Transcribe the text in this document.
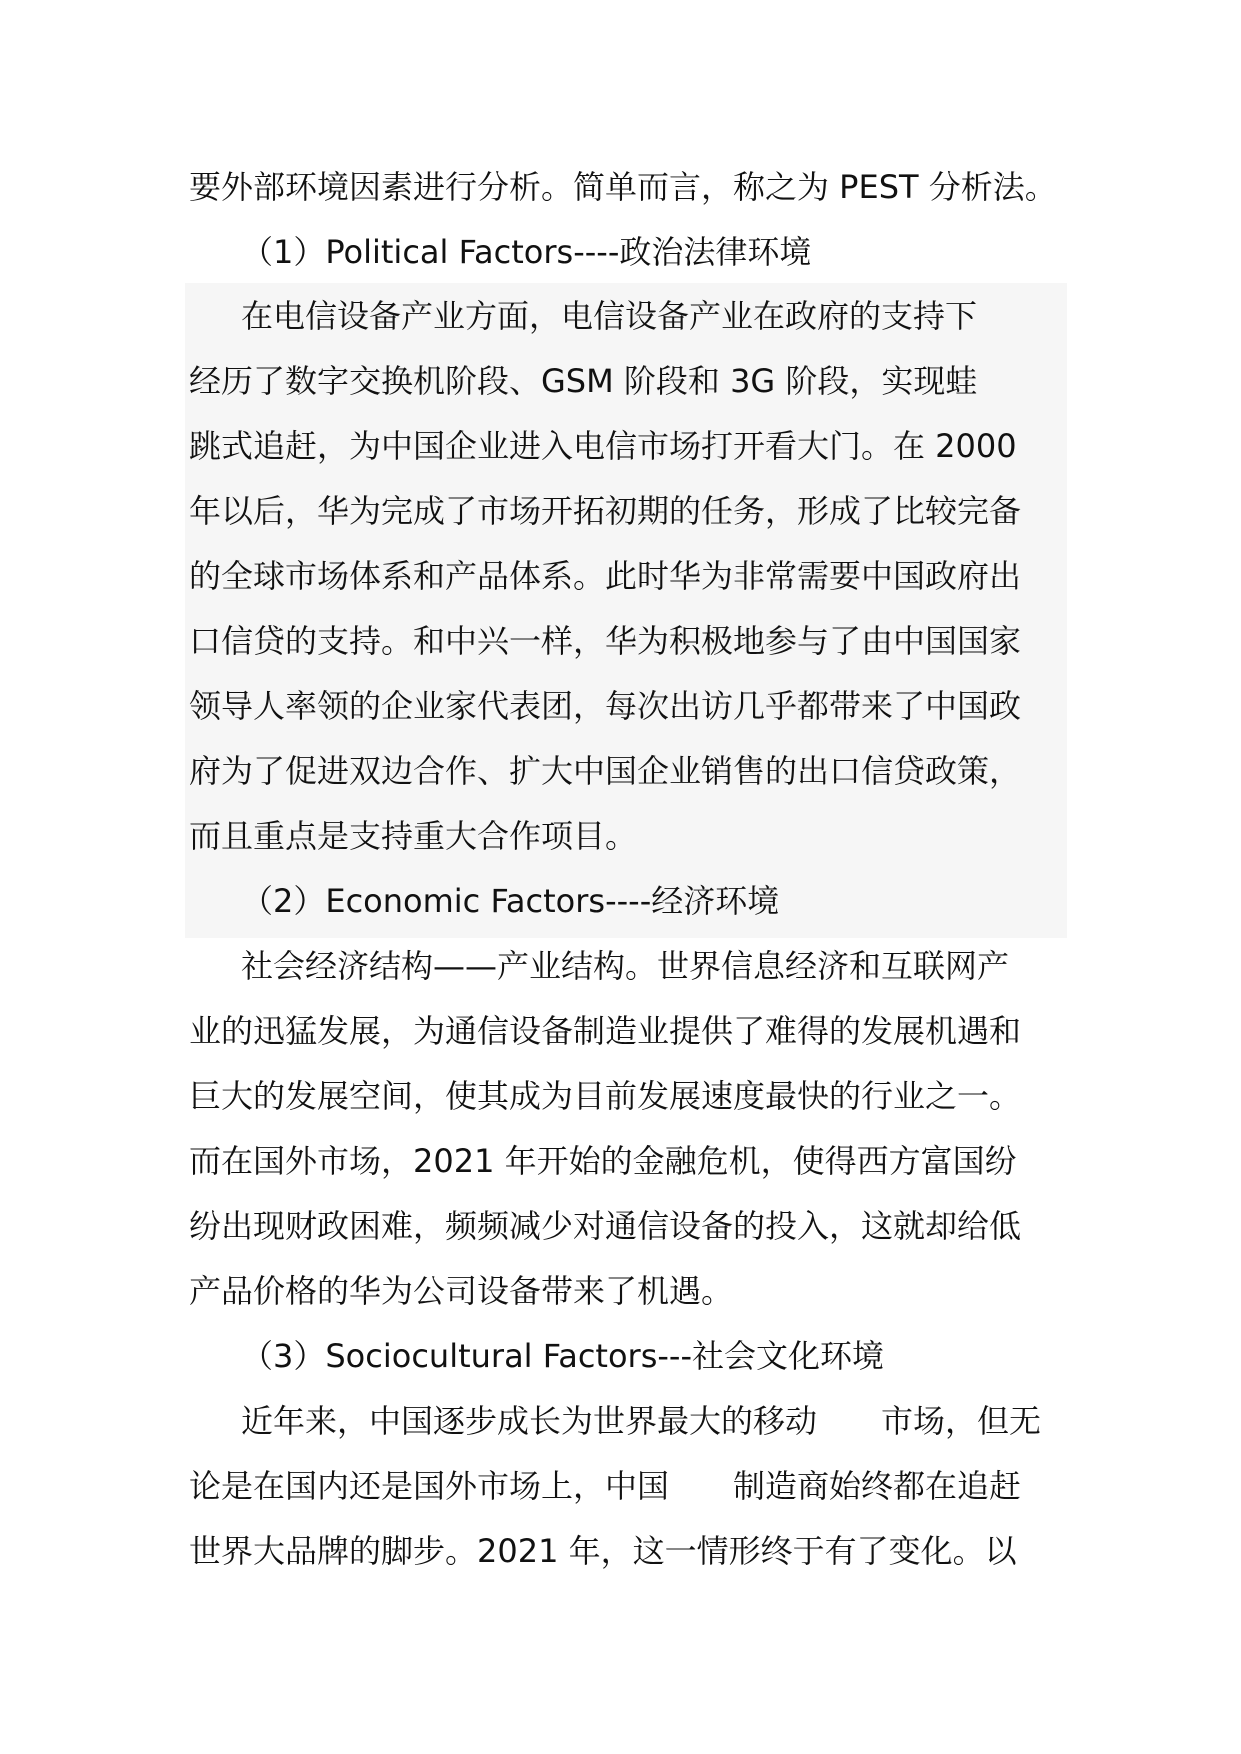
要外部环境因素进行分析。简单而言，称之为 PEST 分析法。
（1）Political Factors----政治法律环境
在电信设备产业方面，电信设备产业在政府的支持下
经历了数字交换机阶段、GSM 阶段和 3G 阶段，实现蛙
跳式追赶，为中国企业进入电信市场打开看大门。在 2000
年以后，华为完成了市场开拓初期的任务，形成了比较完备
的全球市场体系和产品体系。此时华为非常需要中国政府出
口信贷的支持。和中兴一样，华为积极地参与了由中国国家
领导人率领的企业家代表团，每次出访几乎都带来了中国政
府为了促进双边合作、扩大中国企业销售的出口信贷政策，
而且重点是支持重大合作项目。
（2）Economic Factors----经济环境
社会经济结构——产业结构。世界信息经济和互联网产
业的迅猛发展，为通信设备制造业提供了难得的发展机遇和
巨大的发展空间，使其成为目前发展速度最快的行业之一。
而在国外市场，2021 年开始的金融危机，使得西方富国纷
纷出现财政困难，频频减少对通信设备的投入，这就却给低
产品价格的华为公司设备带来了机遇。
（3）Sociocultural Factors---社会文化环境
近年来，中国逐步成长为世界最大的移动　　市场，但无
论是在国内还是国外市场上，中国　　制造商始终都在追赶
世界大品牌的脚步。2021 年，这一情形终于有了变化。以
